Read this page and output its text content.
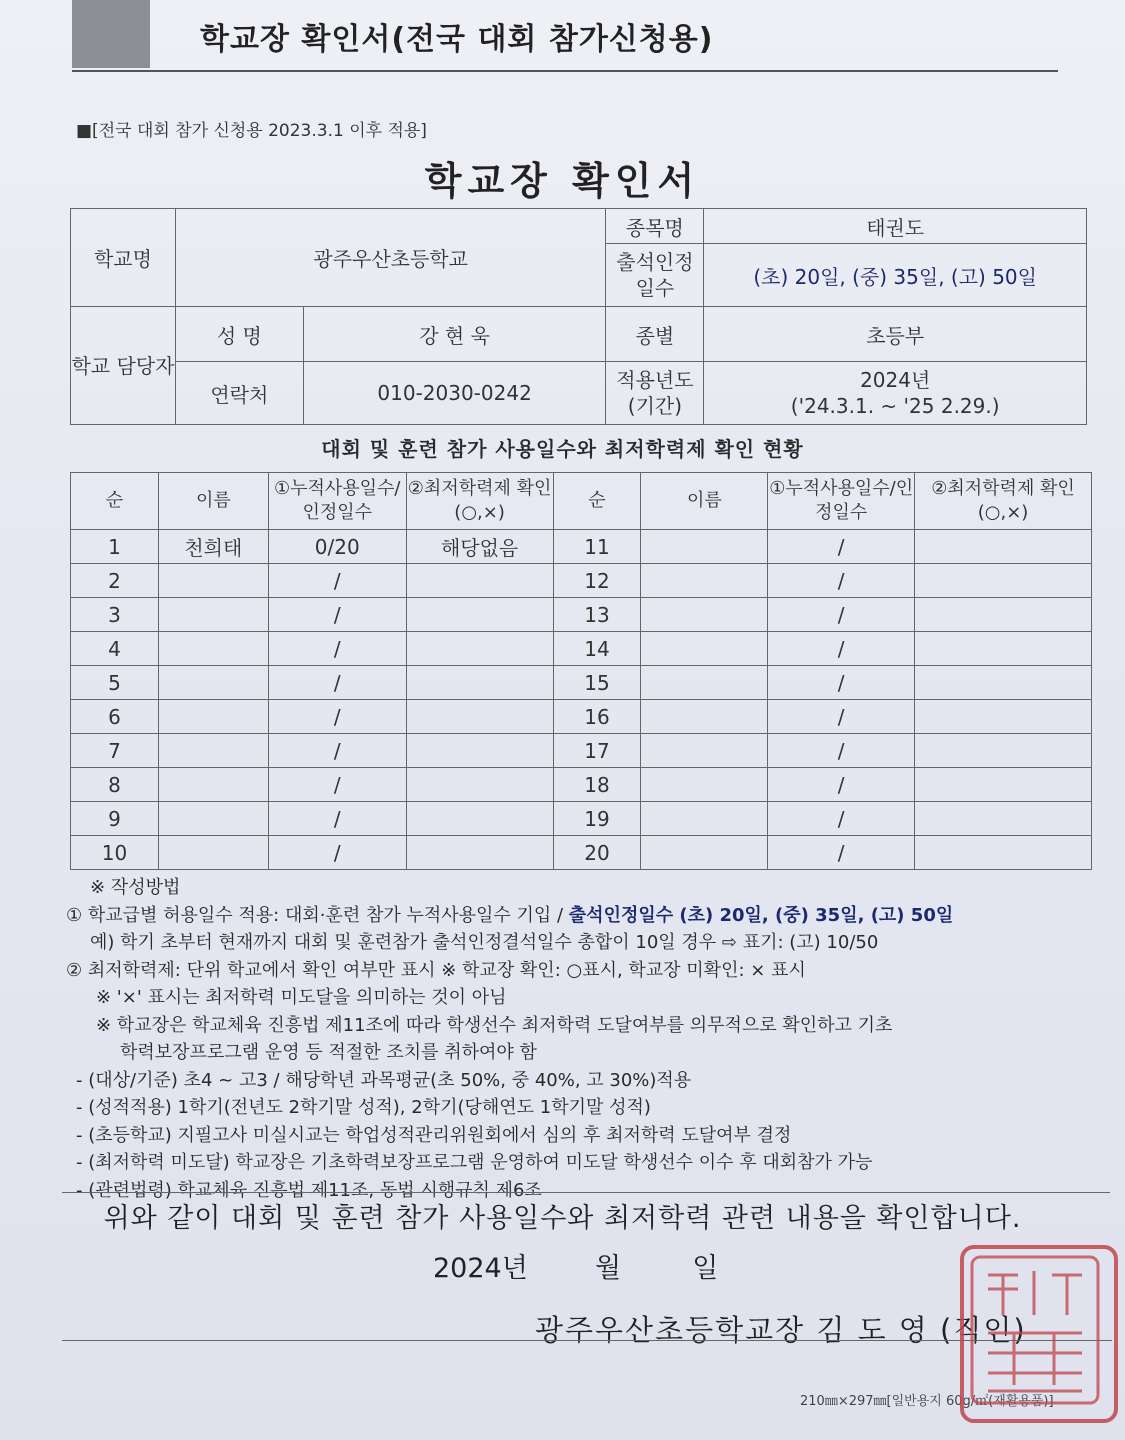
학교장 확인서(전국 대회 참가신청용)
■[전국 대회 참가 신청용 2023.3.1 이후 적용]
학교장 확인서
학교명	광주우산초등학교		종목명	태권도
			출석인정 일수	(초) 20일, (중) 35일, (고) 50일
학교 담당자	성 명	강 현 욱	종별	초등부
	연락처	010-2030-0242	적용년도 (기간)	2024년
('24.3.1. ~ '25 2.29.)
대회 및 훈련 참가 사용일수와 최저학력제 확인 현황
순	이름	①누적사용일수/인정일수	②최저학력제 확인(○,×)	순	이름	①누적사용일수/인정일수	②최저학력제 확인(○,×)
1	천희태	0/20	해당없음	11		/	
2		/		12		/	
3		/		13		/	
4		/		14		/	
5		/		15		/	
6		/		16		/	
7		/		17		/	
8		/		18		/	
9		/		19		/	
10		/		20		/	
※ 작성방법
① 학교급별 허용일수 적용: 대회·훈련 참가 누적사용일수 기입 / 출석인정일수 (초) 20일, (중) 35일, (고) 50일
예) 학기 초부터 현재까지 대회 및 훈련참가 출석인정결석일수 총합이 10일 경우 ⇨ 표기: (고) 10/50
② 최저학력제: 단위 학교에서 확인 여부만 표시 ※ 학교장 확인: ○표시, 학교장 미확인: × 표시
※ '×' 표시는 최저학력 미도달을 의미하는 것이 아님
※ 학교장은 학교체육 진흥법 제11조에 따라 학생선수 최저학력 도달여부를 의무적으로 확인하고 기초
학력보장프로그램 운영 등 적절한 조치를 취하여야 함
- (대상/기준) 초4 ~ 고3 / 해당학년 과목평균(초 50%, 중 40%, 고 30%)적용
- (성적적용) 1학기(전년도 2학기말 성적), 2학기(당해연도 1학기말 성적)
- (초등학교) 지필고사 미실시교는 학업성적관리위원회에서 심의 후 최저학력 도달여부 결정
- (최저학력 미도달) 학교장은 기초학력보장프로그램 운영하여 미도달 학생선수 이수 후 대회참가 가능
- (관련법령) 학교체육 진흥법 제11조, 동법 시행규칙 제6조
위와 같이 대회 및 훈련 참가 사용일수와 최저학력 관련 내용을 확인합니다.
2024년 월	일
광주우산초등학교장 김 도 영 (직인)
210㎜×297㎜[일반용지 60g/㎡(재활용품)]
